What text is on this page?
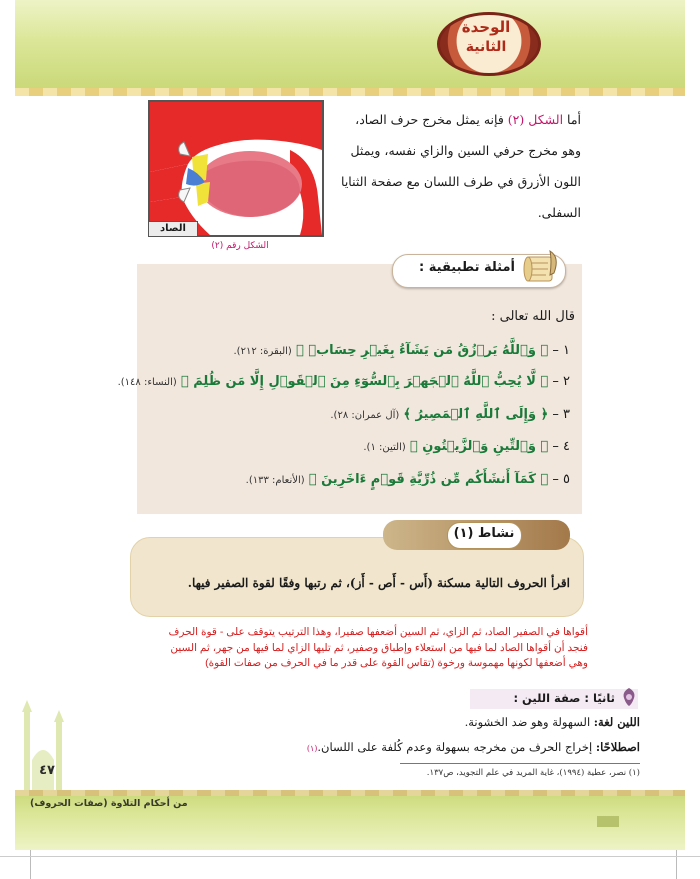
الوحدة
الثانية
الصاد
الشكل رقم (٢)
أما الشكل (٢) فإنه يمثل مخرج حرف الصاد، وهو مخرج حرفي السين والزاي نفسه، ويمثل اللون الأزرق في طرف اللسان مع صفحة الثنايا السفلى.
أمثلة تطبيقية :
قال الله تعالى :
١ – ﴿ وَٱللَّهُ يَرۡزُقُ مَن يَشَآءُ بِغَيۡرِ حِسَابٖ ﴾ (البقرة: ٢١٢).
٢ – ﴿ لَّا يُحِبُّ ٱللَّهُ ٱلۡجَهۡرَ بِٱلسُّوٓءِ مِنَ ٱلۡقَوۡلِ إِلَّا مَن ظُلِمَ ﴾ (النساء: ١٤٨).
٣ – ﴿ وَإِلَى ٱللَّهِ ٱلۡمَصِيرُ ﴾ (آل عمران: ٢٨).
٤ – ﴿ وَٱلتِّينِ وَٱلزَّيۡتُونِ ﴾ (التين: ١).
٥ – ﴿ كَمَآ أَنشَأَكُم مِّن ذُرِّيَّةِ قَوۡمٍ ءَاخَرِينَ ﴾ (الأنعام: ١٣٣).
نشاط (١)
اقرأ الحروف التالية مسكنة (أَس - أَص - أَز)، ثم رتبها وفقًا لقوة الصفير فيها.
أقواها في الصفير الصاد، ثم الزاي، ثم السين أضعفها صفيرا، وهذا الترتيب يتوقف على - قوة الحرف فنجد أن أقواها الصاد لما فيها من استعلاء وإطباق وصفير، ثم تليها الزاي لما فيها من جهر، ثم السين وهي أضعفها لكونها مهموسة ورخوة (تقاس القوة على قدر ما في الحرف من صفات القوة)
ثانيًا : صفة اللين :
اللين لغة: السهولة وهو ضد الخشونة.
اصطلاحًا: إخراج الحرف من مخرجه بسهولة وعدم كُلفة على اللسان.(١)
(١) نصر، عطية (١٩٩٤)، غاية المريد في علم التجويد، ص١٣٧.
٤٧
من أحكام التلاوة (صفات الحروف)
